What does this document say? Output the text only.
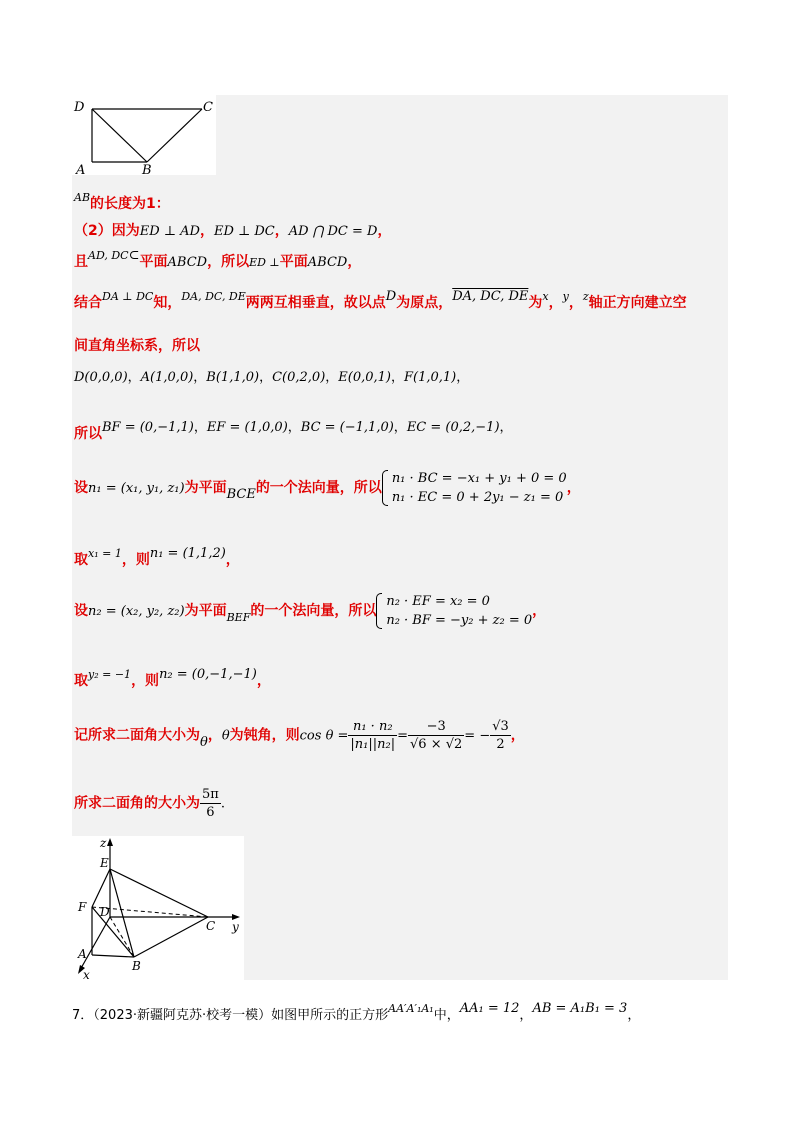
D	C
A	B
$^{AB}$的长度为1：
（2）因为ED ⊥ AD，ED ⊥ DC，AD ⋂ DC = D，
且$^{AD, DC}$⊂平面ABCD，所以ED ⊥平面ABCD，
结合$^{DA \perp DC}$知，$^{DA, DC, DE}$两两互相垂直，故以点D为原点，DA, DC, DE为$^x$，$^y$，$^z$轴正方向建立空
间直角坐标系，所以
D(0,0,0)，A(1,0,0)，B(1,1,0)，C(0,2,0)，E(0,0,1)，F(1,0,1)，
所以BF = (0,−1,1)，EF = (1,0,0)，BC = (−1,1,0)，EC = (0,2,−1)，
设n₁ = (x₁, y₁, z₁)为平面BCE的一个法向量，所以
n₁ · BC = −x₁ + y₁ + 0 = 0
n₁ · EC = 0 + 2y₁ − z₁ = 0
，
取$^{x_1 = 1}$，则n₁ = (1,1,2)，
设n₂ = (x₂, y₂, z₂)为平面$_{BEF}$的一个法向量，所以
n₂ · EF = x₂ = 0
n₂ · BF = −y₂ + z₂ = 0
，
取$^{y_2 = -1}$，则n₂ = (0,−1,−1)，
记所求二面角大小为θ，θ为钝角，则$\cos \theta = \frac{\text{n₁ · n₂}}{\text{|n₁||n₂|}} = \frac{-3}{√6 \times √2}$ = − $\frac{√3}{2}$ ，
所求二面角的大小为 $\frac{5\pi}{6}$ .
z
E
F D
C y
A
x
B
7．（2023·新疆阿克苏·校考一模）如图甲所示的正方形$^{AA'A'_1A_1}$中，AA₁ = 12，AB = A₁B₁ = 3，
